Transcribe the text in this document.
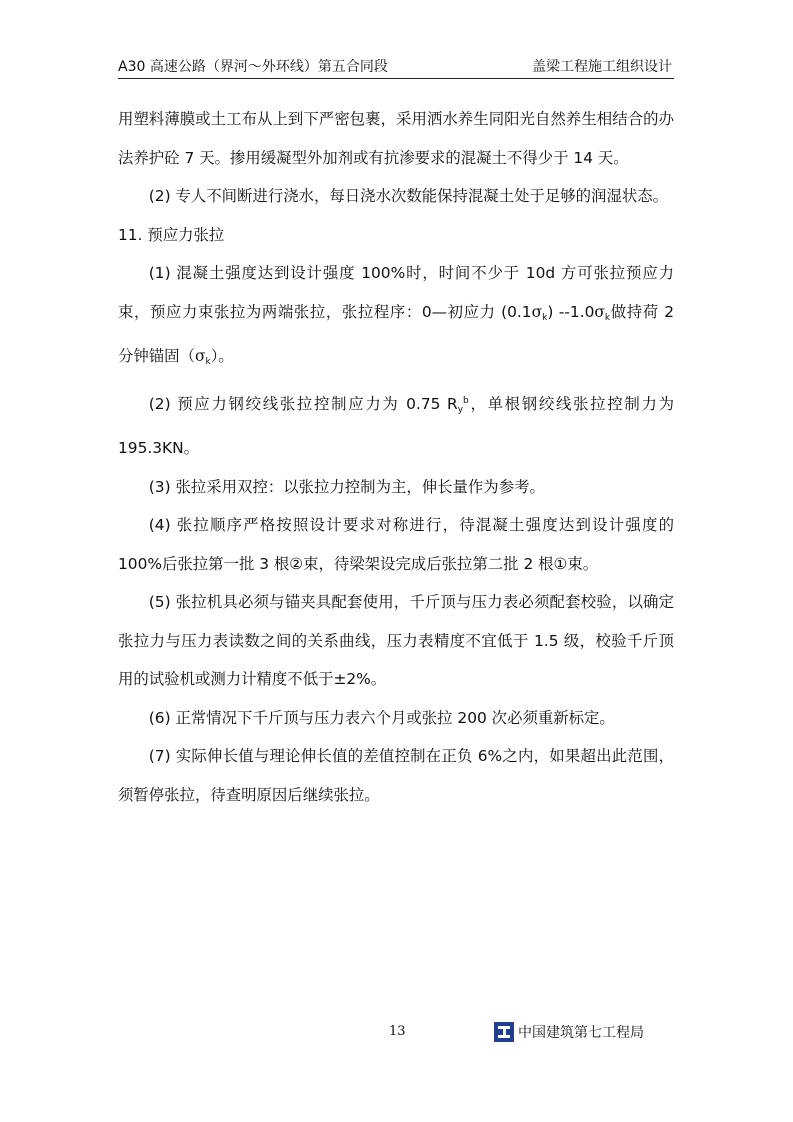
A30 高速公路（界河～外环线）第五合同段	盖梁工程施工组织设计

用塑料薄膜或土工布从上到下严密包裹，采用洒水养生同阳光自然养生相结合的办法养护砼 7 天。掺用缓凝型外加剂或有抗渗要求的混凝土不得少于 14 天。

(2) 专人不间断进行浇水，每日浇水次数能保持混凝土处于足够的润湿状态。

11. 预应力张拉

(1) 混凝土强度达到设计强度 100%时，时间不少于 10d 方可张拉预应力束，预应力束张拉为两端张拉，张拉程序：0—初应力 $(0.1\sigma_k)$ $--1.0\sigma_k$做持荷 2 分钟锚固$(\sigma_k)$。

(2) 预应力钢绞线张拉控制应力为 0.75 $R_y^b$，单根钢绞线张拉控制力为 195.3KN。

(3) 张拉采用双控：以张拉力控制为主，伸长量作为参考。

(4) 张拉顺序严格按照设计要求对称进行，待混凝土强度达到设计强度的 100%后张拉第一批 3 根②束，待梁架设完成后张拉第二批 2 根①束。

(5) 张拉机具必须与锚夹具配套使用，千斤顶与压力表必须配套校验，以确定张拉力与压力表读数之间的关系曲线，压力表精度不宜低于 1.5 级，校验千斤顶用的试验机或测力计精度不低于±2%。

(6) 正常情况下千斤顶与压力表六个月或张拉 200 次必须重新标定。

(7) 实际伸长值与理论伸长值的差值控制在正负 6%之内，如果超出此范围，须暂停张拉，待查明原因后继续张拉。

13	中国建筑第七工程局
